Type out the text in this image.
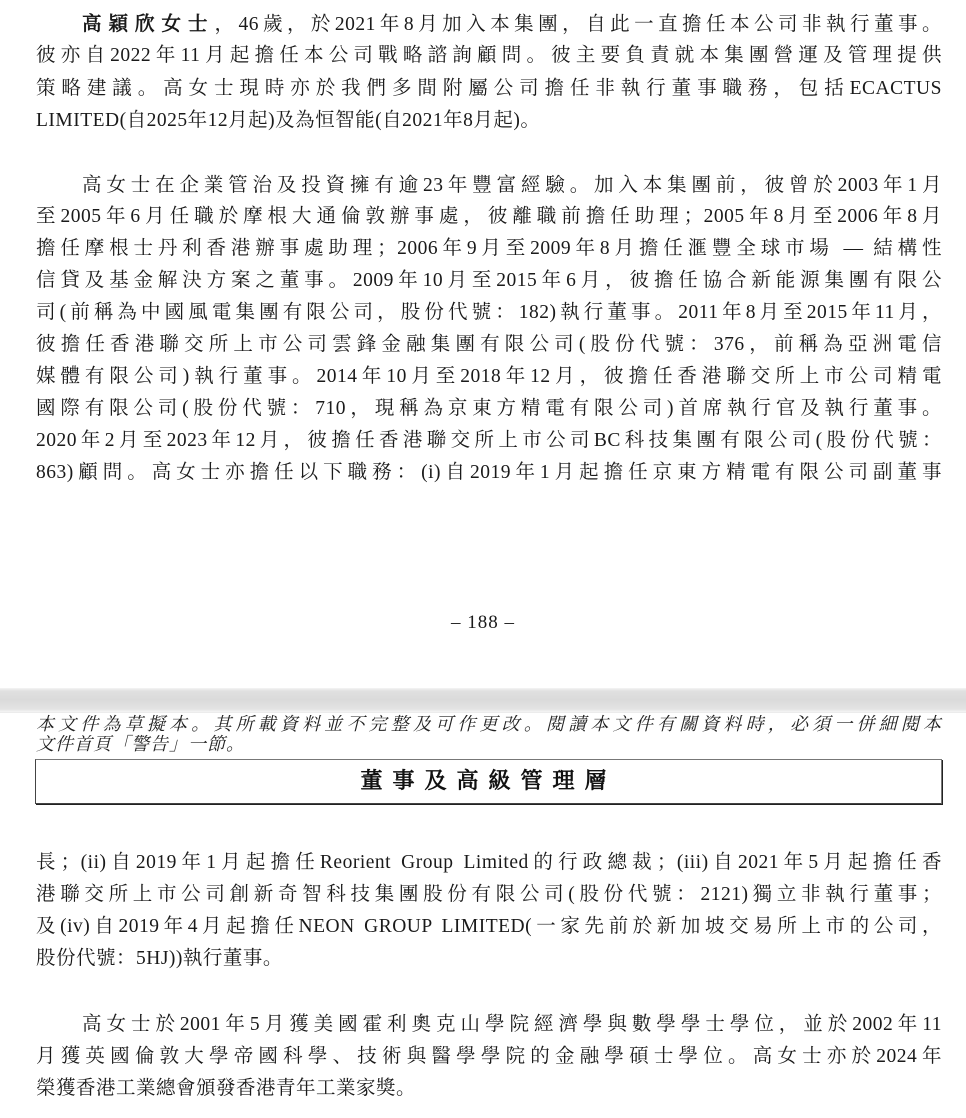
高穎欣女士，46歲，於2021年8月加入本集團，自此一直擔任本公司非執行董事。
彼亦自2022年11月起擔任本公司戰略諮詢顧問。彼主要負責就本集團營運及管理提供
策略建議。高女士現時亦於我們多間附屬公司擔任非執行董事職務，包括ECACTUS
LIMITED(自2025年12月起)及為恒智能(自2021年8月起)。
高女士在企業管治及投資擁有逾23年豐富經驗。加入本集團前，彼曾於2003年1月
至2005年6月任職於摩根大通倫敦辦事處，彼離職前擔任助理；2005年8月至2006年8月
擔任摩根士丹利香港辦事處助理；2006年9月至2009年8月擔任滙豐全球市場 — 結構性
信貸及基金解決方案之董事。2009年10月至2015年6月，彼擔任協合新能源集團有限公
司(前稱為中國風電集團有限公司，股份代號：182)執行董事。2011年8月至2015年11月，
彼擔任香港聯交所上市公司雲鋒金融集團有限公司(股份代號：376，前稱為亞洲電信
媒體有限公司)執行董事。2014年10月至2018年12月，彼擔任香港聯交所上市公司精電
國際有限公司(股份代號：710，現稱為京東方精電有限公司)首席執行官及執行董事。
2020年2月至2023年12月，彼擔任香港聯交所上市公司BC科技集團有限公司(股份代號：
863)顧問。高女士亦擔任以下職務：(i)自2019年1月起擔任京東方精電有限公司副董事
– 188 –
本文件為草擬本。其所載資料並不完整及可作更改。閱讀本文件有關資料時，必須一併細閱本
文件首頁「警告」一節。
董事及高級管理層
長；(ii)自2019年1月起擔任Reorient Group Limited的行政總裁；(iii)自2021年5月起擔任香
港聯交所上市公司創新奇智科技集團股份有限公司(股份代號：2121)獨立非執行董事；
及(iv)自2019年4月起擔任NEON GROUP LIMITED(一家先前於新加坡交易所上市的公司，
股份代號：5HJ))執行董事。
高女士於2001年5月獲美國霍利奧克山學院經濟學與數學學士學位，並於2002年11
月獲英國倫敦大學帝國科學、技術與醫學學院的金融學碩士學位。高女士亦於2024年
榮獲香港工業總會頒發香港青年工業家獎。
